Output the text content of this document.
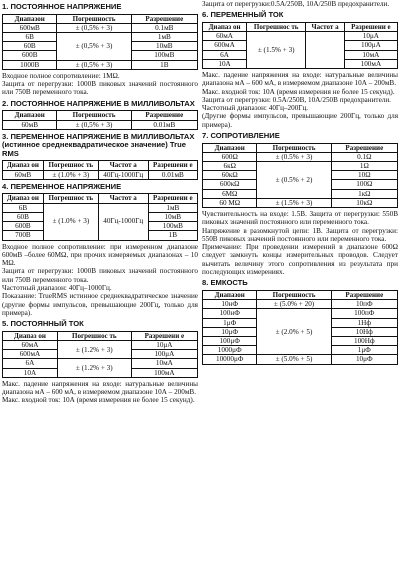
1. ПОСТОЯННОЕ НАПРЯЖЕНИЕ
Диапазон	Погрешность	Разрешение
600мВ	± (0,5% + 3)	0.1мВ
6В	± (0,5% + 3)	1мВ
60В		10мВ
600В		100мВ
1000В	± (0,5% + 3)	1В

Входное полное сопротивление: 1МΩ.

Защита от перегрузки: 1000В пиковых значений постоянного или 750В переменного тока.

2. ПОСТОЯННОЕ НАПРЯЖЕНИЕ В МИЛЛИВОЛЬТАХ
Диапазон	Погрешность	Разрешение
60мВ	± (0,5% + 3)	0.01мВ
3. ПЕРЕМЕННОЕ НАПРЯЖЕНИЕ В МИЛЛИВОЛЬТАХ (истинное среднеквадратическое значение) True RMS
Диапаз он	Погрешнос ть	Частот а	Разрешени е
60мВ	± (1.0% + 3)	40Гц-1000Гц	0.01мВ
4. ПЕРЕМЕННОЕ НАПРЯЖЕНИЕ
Диапаз он	Погрешнос ть	Частот а	Разрешени е
6В	± (1.0% + 3)	40Гц-1000Гц	1мВ
60В			10мВ
600В			100мВ
700В			1В

Входное полное сопротивление: при измеренном диапазоне 600мВ –более 60МΩ, при прочих измеряемых диапазонах – 10 МΩ.

Защита от перегрузки: 1000В пиковых значений постоянного или 750В переменного тока.

Частотный диапазон: 40Гц–1000Гц.

Показание: TrueRMS истинное среднеквадратическое значение (другие формы импульсов, превышающие 200Гц, только для примера).

5. ПОСТОЯННЫЙ ТОК
Диапаз он	Погрешнос ть	Разрешени е
60мА	± (1.2% + 3)	10μА
600мА		100μА
6А	± (1.2% + 3)	10мА
10А		100мА

Макс. падение напряжения на входе: натуральные величины диапазона мА – 600 мА, в измеряемом диапазоне 10А – 200мВ.

Макс. входной ток: 10А (время измерения не более 15 секунд).

Защита от перегрузки:0.5А/250В, 10А/250В предохранители.

6. ПЕРЕМЕННЫЙ ТОК
Диапаз он	Погрешнос ть	Частот а	Разрешени е
60мА	± (1.5% + 3)		10μА
600мА			100μА
6А			10мА
10А			100мА

Макс. падение напряжения на входе: натуральные величины диапазона мА – 600 мА, в измеряемом диапазоне 10А – 200мВ.

Макс. входной ток: 10А (время измерения не более 15 секунд).

Защита от перегрузки: 0.5А/250В, 10А/250В предохранители.

Частотный диапазон: 40Гц–200Гц.

(Другие формы импульсов, превышающие 200Гц, только для примера).

7. СОПРОТИВЛЕНИЕ
Диапазон	Погрешность	Разрешение
600Ω	± (0.5% + 3)	0.1Ω
6кΩ	± (0.5% + 2)	1Ω
60кΩ		10Ω
600кΩ		100Ω
6МΩ		1кΩ
60 МΩ	± (1.5% + 3)	10кΩ

Чувствительность на входе: 1.5В. Защита от перегрузки: 550В пиковых значений постоянного или переменного тока.

Напряжение в разомкнутой цепи: 1В. Защита от перегрузки: 550В пиковых значений постоянного или переменного тока.

Примечание: При проведении измерений в диапазоне 600Ω следует замкнуть концы измерительных проводов. Следует вычитать величину этого сопротивления из результата при последующих измерениях.

8. ЕМКОСТЬ
Диапазон	Погрешность	Разрешение
10нФ	± (5.0% + 20)	10пФ
100нФ	± (2.0% + 5)	100пФ
1μФ		1Нф
10μФ		10Нф
100μФ		100Нф
1000μФ		1μФ
10000μФ	± (5.0% + 5)	10μФ
